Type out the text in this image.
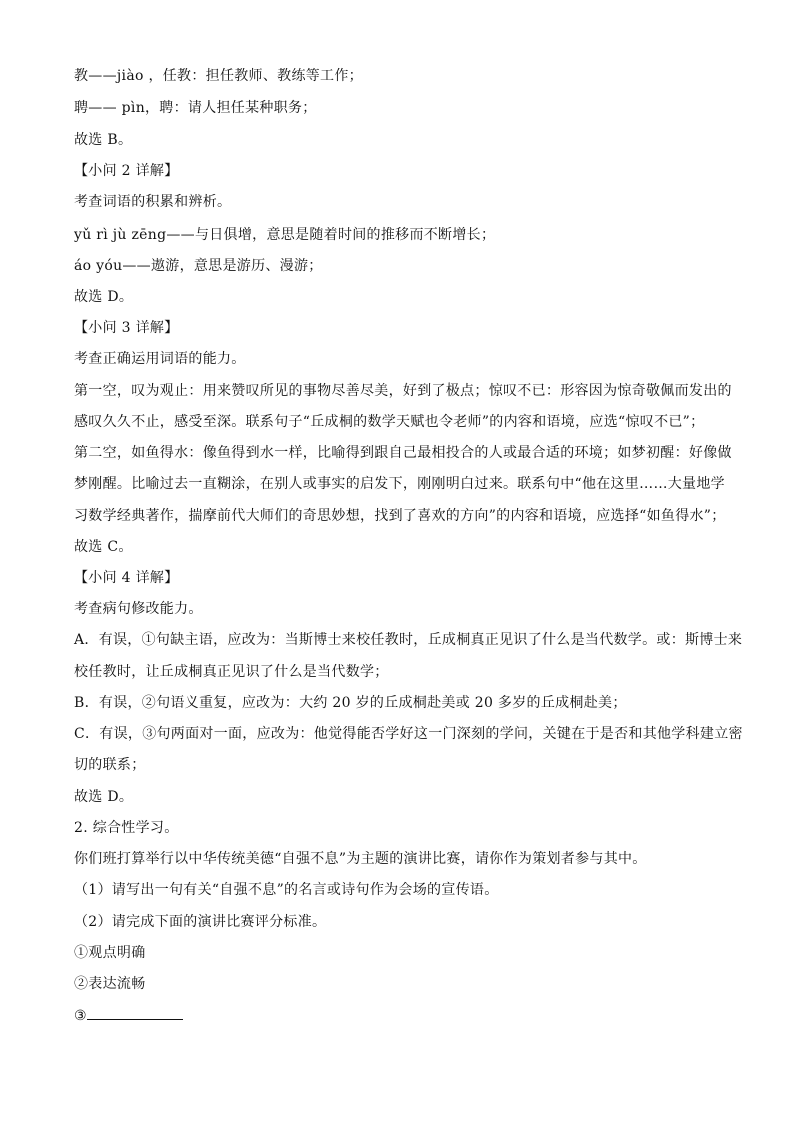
教——jiào ，任教：担任教师、教练等工作；
聘—— pìn，聘：请人担任某种职务；
故选 B。
【小问 2 详解】
考查词语的积累和辨析。
yǔ rì jù zēng——与日俱增，意思是随着时间的推移而不断增长；
áo yóu——遨游，意思是游历、漫游；
故选 D。
【小问 3 详解】
考查正确运用词语的能力。
第一空，叹为观止：用来赞叹所见的事物尽善尽美，好到了极点；惊叹不已：形容因为惊奇敬佩而发出的
感叹久久不止，感受至深。联系句子“丘成桐的数学天赋也令老师”的内容和语境，应选“惊叹不已”；
第二空，如鱼得水：像鱼得到水一样，比喻得到跟自己最相投合的人或最合适的环境；如梦初醒：好像做
梦刚醒。比喻过去一直糊涂，在别人或事实的启发下，刚刚明白过来。联系句中“他在这里……大量地学
习数学经典著作，揣摩前代大师们的奇思妙想，找到了喜欢的方向”的内容和语境，应选择“如鱼得水”；
故选 C。
【小问 4 详解】
考查病句修改能力。
A．有误，①句缺主语，应改为：当斯博士来校任教时，丘成桐真正见识了什么是当代数学。或：斯博士来
校任教时，让丘成桐真正见识了什么是当代数学；
B．有误，②句语义重复，应改为：大约 20 岁的丘成桐赴美或 20 多岁的丘成桐赴美；
C．有误，③句两面对一面，应改为：他觉得能否学好这一门深刻的学问，关键在于是否和其他学科建立密
切的联系；
故选 D。
2. 综合性学习。
你们班打算举行以中华传统美德“自强不息”为主题的演讲比赛，请你作为策划者参与其中。
（1）请写出一句有关“自强不息”的名言或诗句作为会场的宣传语。
（2）请完成下面的演讲比赛评分标准。
①观点明确
②表达流畅
③
